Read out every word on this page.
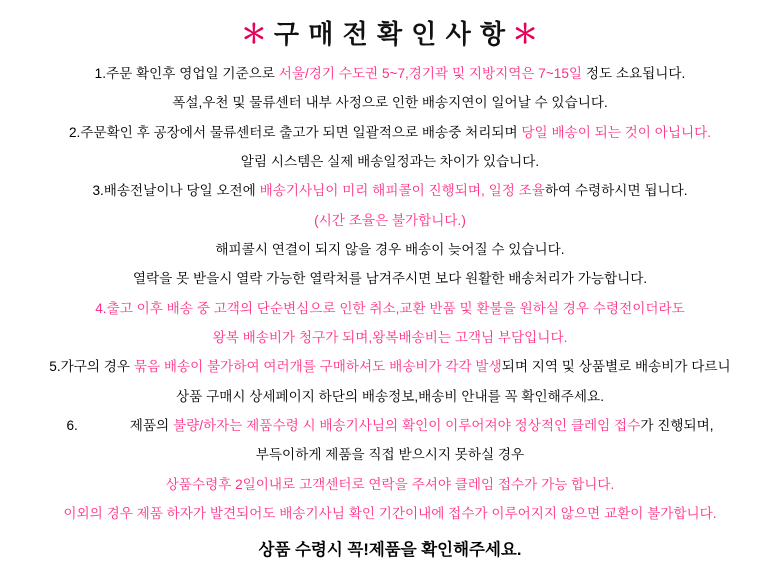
＊ 구 매 전 확 인 사 항 ＊
1.주문 확인후 영업일 기준으로 서울/경기 수도권 5~7,경기곽 및 지방지역은 7~15일 정도 소요됩니다.
폭설,우천 및 물류센터 내부 사정으로 인한 배송지연이 일어날 수 있습니다.
2.주문확인 후 공장에서 물류센터로 출고가 되면 일괄적으로 배송중 처리되며 당일 배송이 되는 것이 아닙니다.
알림 시스템은 실제 배송일정과는 차이가 있습니다.
3.배송전날이나 당일 오전에 배송기사님이 미리 해피콜이 진행되며, 일정 조율하여 수령하시면 됩니다.
(시간 조율은 불가합니다.)
해피콜시 연결이 되지 않을 경우 배송이 늦어질 수 있습니다.
열락을 못 받을시 열락 가능한 열락처를 남겨주시면 보다 원활한 배송처리가 가능합니다.
4.출고 이후 배송 중 고객의 단순변심으로 인한 취소,교환 반품 및 환불을 원하실 경우 수령전이더라도
왕복 배송비가 청구가 되며,왕복배송비는 고객님 부담입니다.
5.가구의 경우 묶음 배송이 불가하여 여러개를 구매하셔도 배송비가 각각 발생되며 지역 및 상품별로 배송비가 다르니
상품 구매시 상세페이지 하단의 배송정보,배송비 안내를 꼭 확인해주세요.
6.	제품의 불량/하자는 제품수령 시 배송기사님의 확인이 이루어져야 정상적인 클레임 접수가 진행되며,
부득이하게 제품을 직접 받으시지 못하실 경우
상품수령후 2일이내로 고객센터로 연락을 주셔야 클레임 접수가 가능 합니다.
이외의 경우 제품 하자가 발견되어도 배송기사님 확인 기간이내에 접수가 이루어지지 않으면 교환이 불가합니다.
상품 수령시 꼭!제품을 확인해주세요.
